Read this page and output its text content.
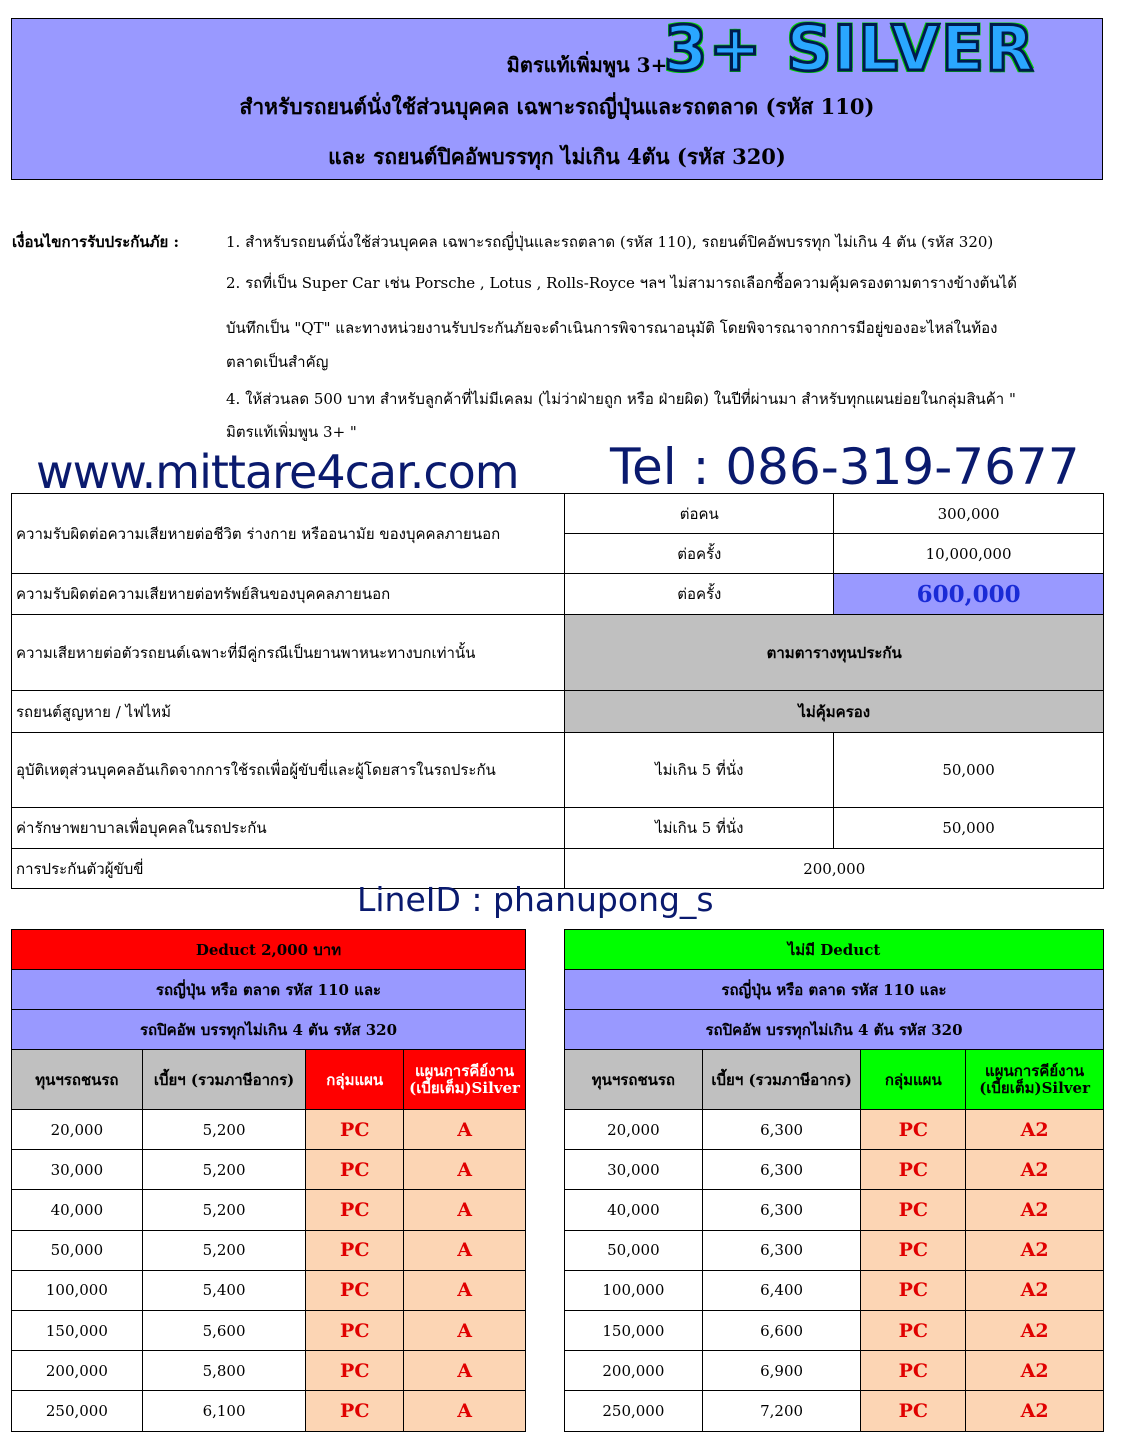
มิตรแท้เพิ่มพูน 3+
สำหรับรถยนต์นั่งใช้ส่วนบุคคล เฉพาะรถญี่ปุ่นและรถตลาด (รหัส 110)
และ รถยนต์ปิคอัพบรรทุก ไม่เกิน 4ตัน (รหัส 320)
3+ SILVER
เงื่อนไขการรับประกันภัย :	1. สำหรับรถยนต์นั่งใช้ส่วนบุคคล เฉพาะรถญี่ปุ่นและรถตลาด (รหัส 110), รถยนต์ปิคอัพบรรทุก ไม่เกิน 4 ตัน (รหัส 320)
2. รถที่เป็น Super Car เช่น Porsche , Lotus , Rolls-Royce ฯลฯ ไม่สามารถเลือกซื้อความคุ้มครองตามตารางข้างต้นได้
บันทึกเป็น "QT" และทางหน่วยงานรับประกันภัยจะดำเนินการพิจารณาอนุมัติ โดยพิจารณาจากการมีอยู่ของอะไหล่ในท้อง
ตลาดเป็นสำคัญ
4. ให้ส่วนลด 500 บาท สำหรับลูกค้าที่ไม่มีเคลม (ไม่ว่าฝ่ายถูก หรือ ฝ่ายผิด) ในปีที่ผ่านมา สำหรับทุกแผนย่อยในกลุ่มสินค้า "
มิตรแท้เพิ่มพูน 3+ "
www.mittare4car.com Tel : 086-319-7677
ความรับผิดต่อความเสียหายต่อชีวิต ร่างกาย หรืออนามัย ของบุคคลภายนอก	ต่อคน	300,000
	ต่อครั้ง	10,000,000
ความรับผิดต่อความเสียหายต่อทรัพย์สินของบุคคลภายนอก	ต่อครั้ง	600,000
ความเสียหายต่อตัวรถยนต์เฉพาะที่มีคู่กรณีเป็นยานพาหนะทางบกเท่านั้น	ตามตารางทุนประกัน	
รถยนต์สูญหาย / ไฟไหม้	ไม่คุ้มครอง	
อุบัติเหตุส่วนบุคคลอันเกิดจากการใช้รถเพื่อผู้ขับขี่และผู้โดยสารในรถประกัน	ไม่เกิน 5 ที่นั่ง	50,000
ค่ารักษาพยาบาลเพื่อบุคคลในรถประกัน	ไม่เกิน 5 ที่นั่ง	50,000
การประกันตัวผู้ขับขี่	200,000	
LineID : phanupong_s
Deduct 2,000 บาท			
รถญี่ปุ่น หรือ ตลาด รหัส 110 และ			
รถปิคอัพ บรรทุกไม่เกิน 4 ตัน รหัส 320			
ทุนฯรถชนรถ	เบี้ยฯ (รวมภาษีอากร)	กลุ่มแผน	แผนการคีย์งาน
(เบี้ยเต็ม)Silver

20,000	5,200	PC	A
30,000	5,200	PC	A
40,000	5,200	PC	A
50,000	5,200	PC	A
100,000	5,400	PC	A
150,000	5,600	PC	A
200,000	5,800	PC	A
250,000	6,100	PC	A
ไม่มี Deduct			
รถญี่ปุ่น หรือ ตลาด รหัส 110 และ			
รถปิคอัพ บรรทุกไม่เกิน 4 ตัน รหัส 320			
ทุนฯรถชนรถ	เบี้ยฯ (รวมภาษีอากร)	กลุ่มแผน	แผนการคีย์งาน
(เบี้ยเต็ม)Silver

20,000	6,300	PC	A2
30,000	6,300	PC	A2
40,000	6,300	PC	A2
50,000	6,300	PC	A2
100,000	6,400	PC	A2
150,000	6,600	PC	A2
200,000	6,900	PC	A2
250,000	7,200	PC	A2
